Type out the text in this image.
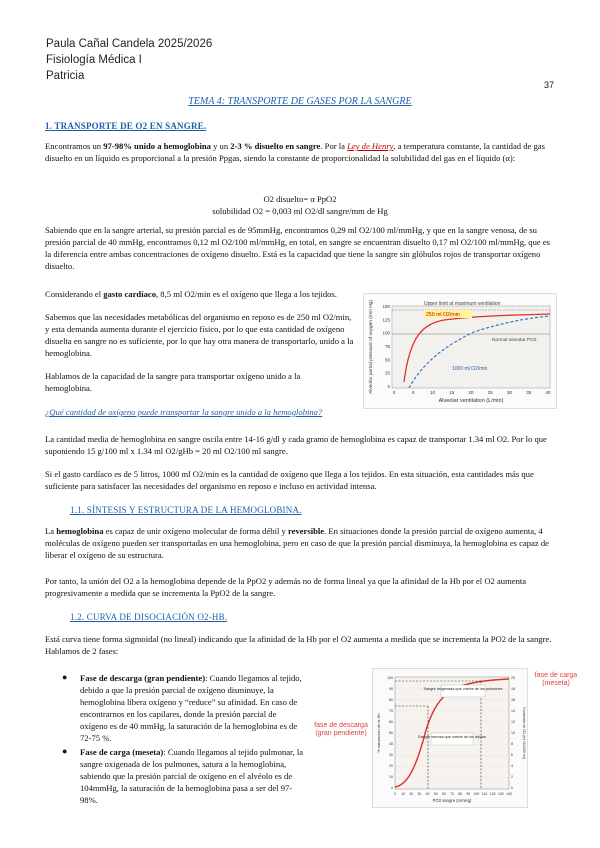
Paula Cañal Candela 2025/2026
Fisiología Médica I
Patricia
37
TEMA 4: TRANSPORTE DE GASES POR LA SANGRE
1. TRANSPORTE DE O2 EN SANGRE.
Encontramos un 97-98% unido a hemoglobina y un 2-3 % disuelto en sangre. Por la Ley de Henry, a temperatura constante, la cantidad de gas disuelto en un líquido es proporcional a la presión Ppgas, siendo la constante de proporcionalidad la solubilidad del gas en el líquido (α):
O2 disuelto= α PpO2
solubilidad O2 = 0,003 ml O2/dl sangre/mm de Hg
Sabiendo que en la sangre arterial, su presión parcial es de 95mmHg, encontramos 0,29 ml O2/100 ml/mmHg, y que en la sangre venosa, de su presión parcial de 40 mmHg, encontramos 0,12 ml O2/100 ml/mmHg, en total, en sangre se encuentran disuelto 0,17 ml O2/100 ml/mmHg, que es la diferencia entre ambas concentraciones de oxígeno disuelto. Está es la capacidad que tiene la sangre sin glóbulos rojos de transportar oxígeno disuelto.
Considerando el gasto cardíaco, 8,5 ml O2/min es el oxígeno que llega a los tejidos.
Sabemos que las necesidades metabólicas del organismo en reposo es de 250 ml O2/min, y esta demanda aumenta durante el ejercicio físico, por lo que esta cantidad de oxígeno disuelta en sangre no es suficiente, por lo que hay otra manera de transportarlo, unido a la hemoglobina.
Hablamos de la capacidad de la sangre para transportar oxígeno unido a la hemoglobina.
¿Qué cantidad de oxígeno puede transportar la sangre unido a la hemoglobina?
250 ml O2/min
Upper limit at maximum ventilation
Normal alveolar PO2
1000 ml O2/min
Alveolar ventilation (L/min)
Alveolar partial pressure of oxygen (mm Hg) 150
125
100
75
50
25
0
0	5	10	15	20	25	30	35	40
La cantidad media de hemoglobina en sangre oscila entre 14-16 g/dl y cada gramo de hemoglobina es capaz de transportar 1.34 ml O2. Por lo que suponiendo 15 g/100 ml x 1.34 ml O2/gHb = 20 ml O2/100 ml sangre.
Si el gasto cardíaco es de 5 litros, 1000 ml O2/min es la cantidad de oxígeno que llega a los tejidos. En esta situación, esta cantidades más que suficiente para satisfacer las necesidades del organismo en reposo e incluso en actividad intensa.
1.1. SÍNTESIS Y ESTRUCTURA DE LA HEMOGLOBINA.
La hemoglobina es capaz de unir oxígeno molecular de forma débil y reversible. En situaciones donde la presión parcial de oxígeno aumenta, 4 moléculas de oxígeno pueden ser transportadas en una hemoglobina, pero en caso de que la presión parcial disminuya, la hemoglobina es capaz de liberar el oxígeno de su estructura.
Por tanto, la unión del O2 a la hemoglobina depende de la PpO2 y además no de forma lineal ya que la afinidad de la Hb por el O2 aumenta progresivamente a medida que se incrementa la PpO2 de la sangre.
1.2. CURVA DE DISOCIACIÓN O2-HB.
Está curva tiene forma sigmoidal (no lineal) indicando que la afinidad de la Hb por el O2 aumenta a medida que se incrementa la PO2 de la sangre. Hablamos de 2 fases:
● Fase de descarga (gran pendiente): Cuando llegamos al tejido, debido a que la presión parcial de oxígeno disminuye, la hemoglobina libera oxígeno y “reduce” su afinidad. En caso de encontrarnos en los capilares, donde la presión parcial de oxígeno es de 40 mmHg, la saturación de la hemoglobina es de 72-75 %.
● Fase de carga (meseta): Cuando llegamos al tejido pulmonar, la sangre oxigenada de los pulmones, satura a la hemoglobina, sabiendo que la presión parcial de oxígeno en el alvéolo es de 104mmHg, la saturación de la hemoglobina pasa a ser del 97-98%.
fase de carga (meseta)
fase de descarga (gran pendiente)
Sangre oxigenada que vuelve de los pulmones
Sangre venosa que vuelve de los tejidos
100
90
80
70
60
50
40
30
20
10
0
20
18
16
14
12
10
8
6
4
2
0
0 10 20 30 40 50 60 70 80 90 100 110 120 130 140
PO2 sangre (mmHg)
% saturación de la Hb	Contenido de O2 (ml O2/100 ml)
